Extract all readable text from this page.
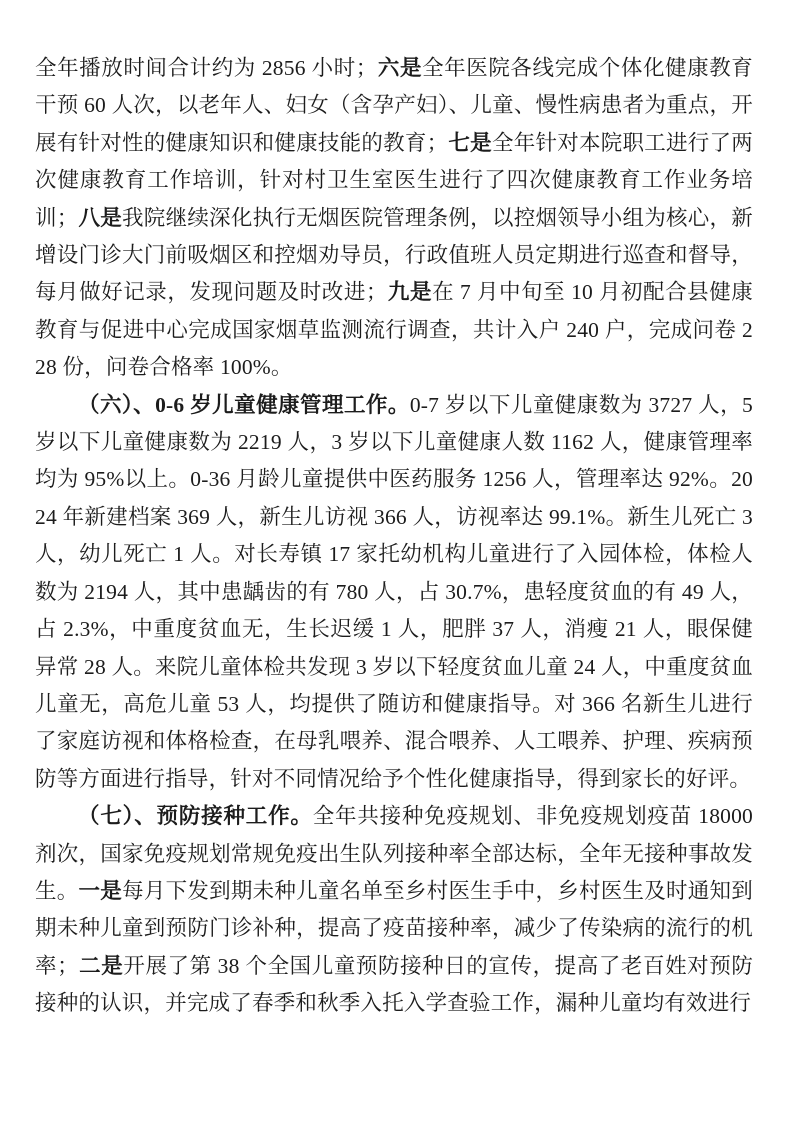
全年播放时间合计约为 2856 小时；六是全年医院各线完成个体化健康教育干预 60 人次，以老年人、妇女（含孕产妇）、儿童、慢性病患者为重点，开展有针对性的健康知识和健康技能的教育；七是全年针对本院职工进行了两次健康教育工作培训，针对村卫生室医生进行了四次健康教育工作业务培训；八是我院继续深化执行无烟医院管理条例，以控烟领导小组为核心，新增设门诊大门前吸烟区和控烟劝导员，行政值班人员定期进行巡查和督导，每月做好记录，发现问题及时改进；九是在 7 月中旬至 10 月初配合县健康教育与促进中心完成国家烟草监测流行调查，共计入户 240 户，完成问卷 228 份，问卷合格率 100%。

（六）、0-6 岁儿童健康管理工作。0-7 岁以下儿童健康数为 3727 人，5 岁以下儿童健康数为 2219 人，3 岁以下儿童健康人数 1162 人，健康管理率均为 95%以上。0-36 月龄儿童提供中医药服务 1256 人，管理率达 92%。2024 年新建档案 369 人，新生儿访视 366 人，访视率达 99.1%。新生儿死亡 3 人，幼儿死亡 1 人。对长寿镇 17 家托幼机构儿童进行了入园体检，体检人数为 2194 人，其中患龋齿的有 780 人，占 30.7%，患轻度贫血的有 49 人，占 2.3%，中重度贫血无，生长迟缓 1 人，肥胖 37 人，消瘦 21 人，眼保健异常 28 人。来院儿童体检共发现 3 岁以下轻度贫血儿童 24 人，中重度贫血儿童无，高危儿童 53 人，均提供了随访和健康指导。对 366 名新生儿进行了家庭访视和体格检查，在母乳喂养、混合喂养、人工喂养、护理、疾病预防等方面进行指导，针对不同情况给予个性化健康指导，得到家长的好评。

（七）、预防接种工作。全年共接种免疫规划、非免疫规划疫苗 18000 剂次，国家免疫规划常规免疫出生队列接种率全部达标，全年无接种事故发生。一是每月下发到期未种儿童名单至乡村医生手中，乡村医生及时通知到期未种儿童到预防门诊补种，提高了疫苗接种率，减少了传染病的流行的机率；二是开展了第 38 个全国儿童预防接种日的宣传，提高了老百姓对预防接种的认识，并完成了春季和秋季入托入学查验工作，漏种儿童均有效进行
